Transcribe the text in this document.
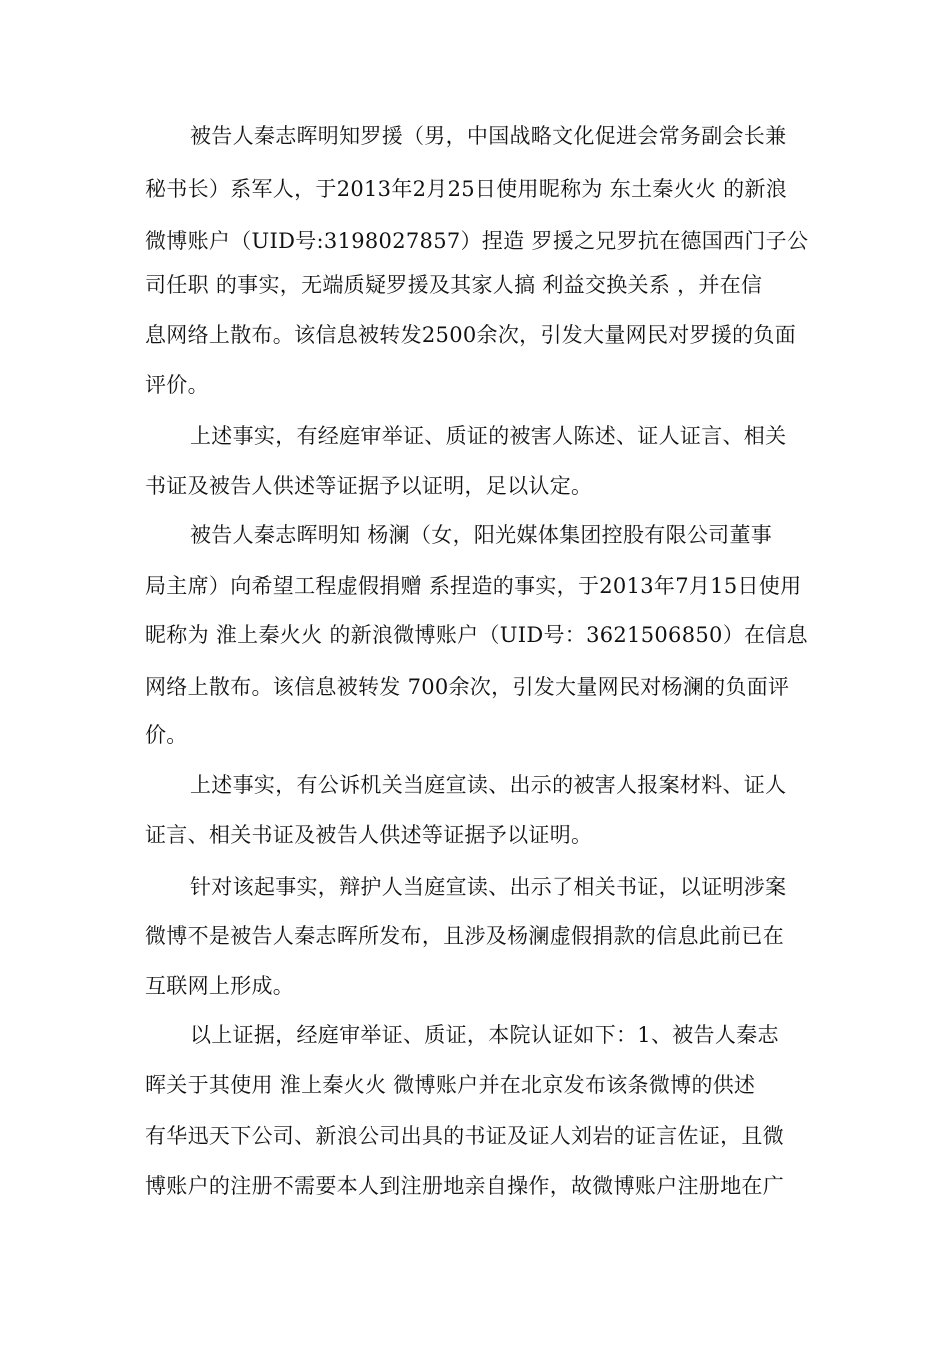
被告人秦志晖明知罗援（男，中国战略文化促进会常务副会长兼
秘书长）系军人，于2013年2月25日使用昵称为 东土秦火火 的新浪
微博账户（UID号:3198027857）捏造 罗援之兄罗抗在德国西门子公
司任职 的事实，无端质疑罗援及其家人搞 利益交换关系 ，并在信
息网络上散布。该信息被转发2500余次，引发大量网民对罗援的负面
评价。
上述事实，有经庭审举证、质证的被害人陈述、证人证言、相关
书证及被告人供述等证据予以证明，足以认定。
被告人秦志晖明知 杨澜（女，阳光媒体集团控股有限公司董事
局主席）向希望工程虚假捐赠 系捏造的事实，于2013年7月15日使用
昵称为 淮上秦火火 的新浪微博账户（UID号：3621506850）在信息
网络上散布。该信息被转发 700余次，引发大量网民对杨澜的负面评
价。
上述事实，有公诉机关当庭宣读、出示的被害人报案材料、证人
证言、相关书证及被告人供述等证据予以证明。
针对该起事实，辩护人当庭宣读、出示了相关书证，以证明涉案
微博不是被告人秦志晖所发布，且涉及杨澜虚假捐款的信息此前已在
互联网上形成。
以上证据，经庭审举证、质证，本院认证如下：1、被告人秦志
晖关于其使用 淮上秦火火 微博账户并在北京发布该条微博的供述
有华迅天下公司、新浪公司出具的书证及证人刘岩的证言佐证，且微
博账户的注册不需要本人到注册地亲自操作，故微博账户注册地在广
